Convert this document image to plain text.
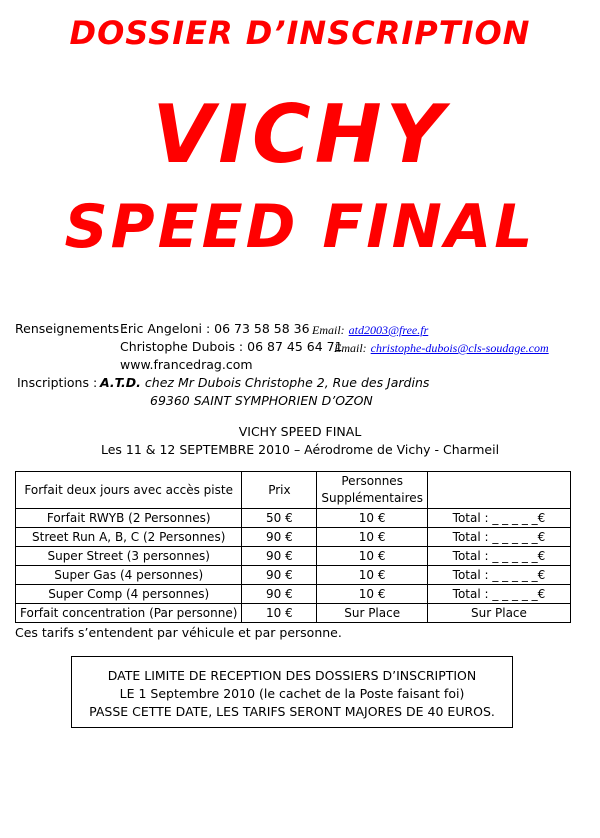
DOSSIER D’INSCRIPTION
VICHY
SPEED FINAL
Renseignements :
Eric Angeloni : 06 73 58 58 36 Email: atd2003@free.fr
Christophe Dubois : 06 87 45 64 71
Email: christophe-dubois@cls-soudage.com
www.francedrag.com
Inscriptions : A.T.D. chez Mr Dubois Christophe 2, Rue des Jardins
69360 SAINT SYMPHORIEN D’OZON
VICHY SPEED FINAL
Les 11 & 12 SEPTEMBRE 2010 – Aérodrome de Vichy - Charmeil
Forfait deux jours avec accès piste	Prix	Personnes Supplémentaires	
Forfait RWYB (2 Personnes)	50 €	10 €	Total : _ _ _ _ _€
Street Run A, B, C (2 Personnes)	90 €	10 €	Total : _ _ _ _ _€
Super Street (3 personnes)	90 €	10 €	Total : _ _ _ _ _€
Super Gas (4 personnes)	90 €	10 €	Total : _ _ _ _ _€
Super Comp (4 personnes)	90 €	10 €	Total : _ _ _ _ _€
Forfait concentration (Par personne)	10 €	Sur Place	Sur Place
Ces tarifs s’entendent par véhicule et par personne.
DATE LIMITE DE RECEPTION DES DOSSIERS D’INSCRIPTION
LE 1 Septembre 2010 (le cachet de la Poste faisant foi)
PASSE CETTE DATE, LES TARIFS SERONT MAJORES DE 40 EUROS.
